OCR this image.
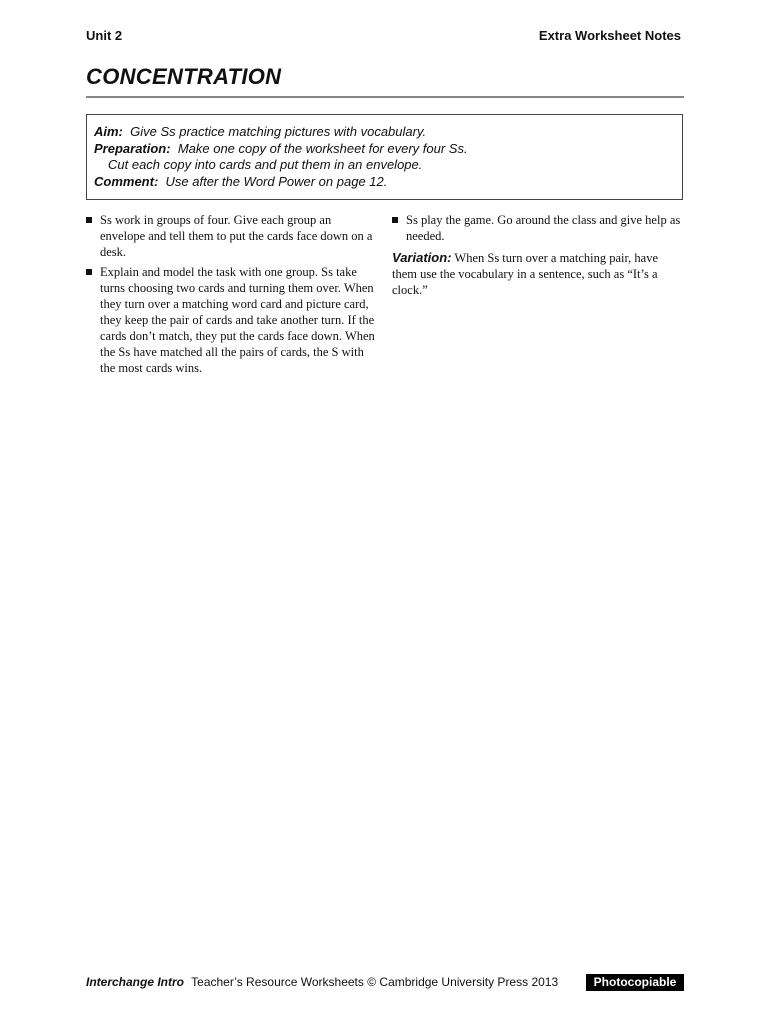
Unit 2	Extra Worksheet Notes
CONCENTRATION
Aim: Give Ss practice matching pictures with vocabulary.
Preparation: Make one copy of the worksheet for every four Ss.
Cut each copy into cards and put them in an envelope.
Comment: Use after the Word Power on page 12.
Ss work in groups of four. Give each group an envelope and tell them to put the cards face down on a desk.
Explain and model the task with one group. Ss take turns choosing two cards and turning them over. When they turn over a matching word card and picture card, they keep the pair of cards and take another turn. If the cards don’t match, they put the cards face down. When the Ss have matched all the pairs of cards, the S with the most cards wins.
Ss play the game. Go around the class and give help as needed.
Variation: When Ss turn over a matching pair, have them use the vocabulary in a sentence, such as “It’s a clock.”
Interchange Intro Teacher’s Resource Worksheets © Cambridge University Press 2013	Photocopiable
